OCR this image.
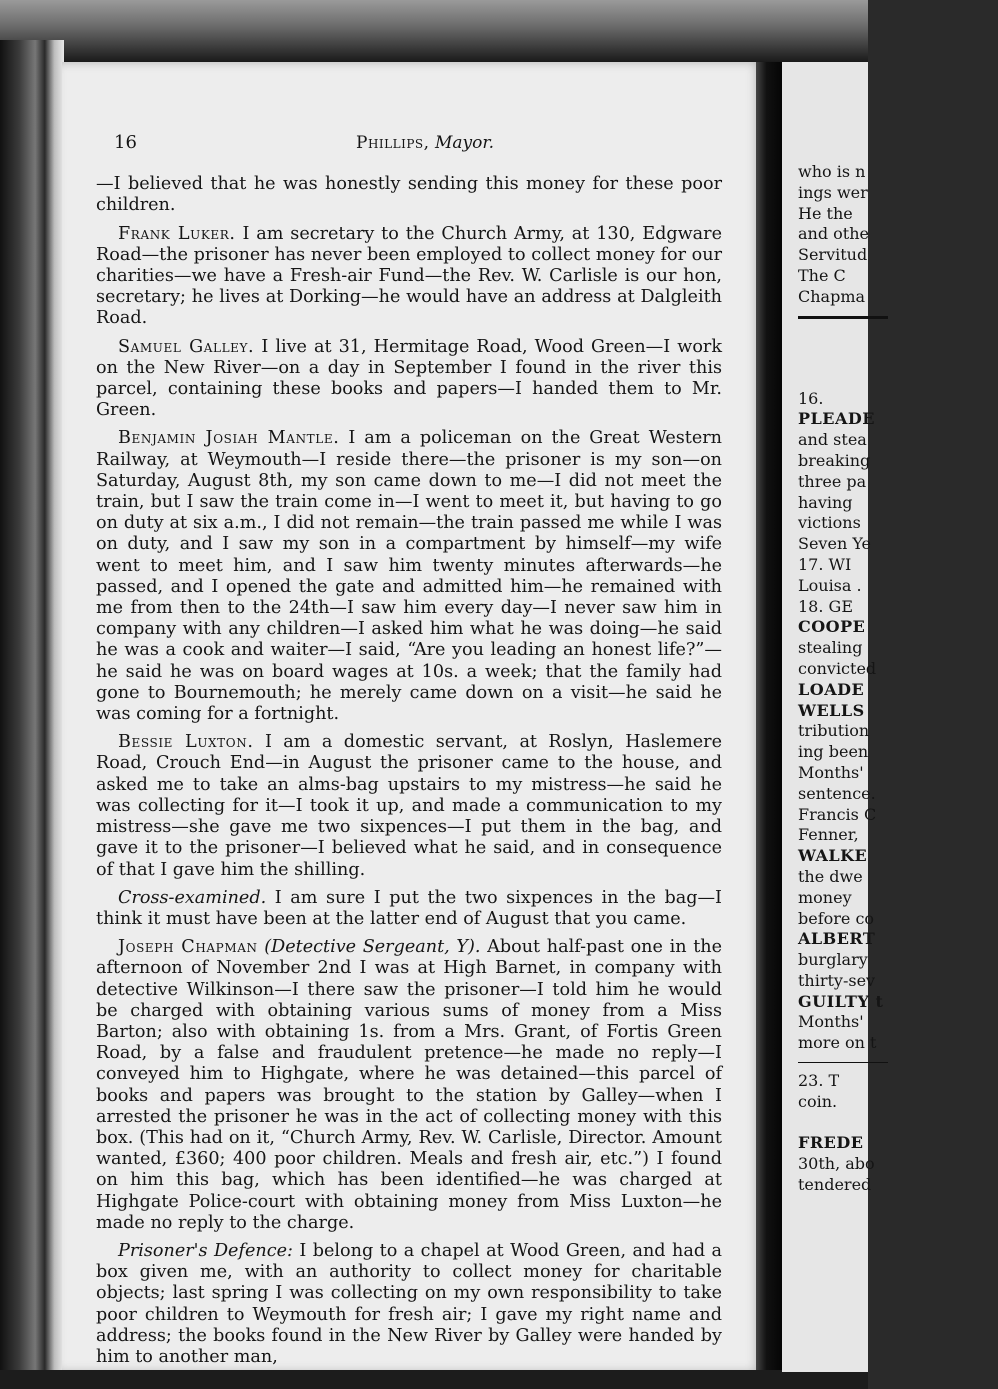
16	Phillips, Mayor.

—I believed that he was honestly sending this money for these poor children.

Frank Luker. I am secretary to the Church Army, at 130, Edgware Road—the prisoner has never been employed to collect money for our charities—we have a Fresh-air Fund—the Rev. W. Carlisle is our hon, secretary; he lives at Dorking—he would have an address at Dalgleith Road.

Samuel Galley. I live at 31, Hermitage Road, Wood Green—I work on the New River—on a day in September I found in the river this parcel, containing these books and papers—I handed them to Mr. Green.

Benjamin Josiah Mantle. I am a policeman on the Great Western Railway, at Weymouth—I reside there—the prisoner is my son—on Saturday, August 8th, my son came down to me—I did not meet the train, but I saw the train come in—I went to meet it, but having to go on duty at six a.m., I did not remain—the train passed me while I was on duty, and I saw my son in a compartment by himself—my wife went to meet him, and I saw him twenty minutes afterwards—he passed, and I opened the gate and admitted him—he remained with me from then to the 24th—I saw him every day—I never saw him in company with any children—I asked him what he was doing—he said he was a cook and waiter—I said, “Are you leading an honest life?”—he said he was on board wages at 10s. a week; that the family had gone to Bournemouth; he merely came down on a visit—he said he was coming for a fortnight.

Bessie Luxton. I am a domestic servant, at Roslyn, Haslemere Road, Crouch End—in August the prisoner came to the house, and asked me to take an alms-bag upstairs to my mistress—he said he was collecting for it—I took it up, and made a communication to my mistress—she gave me two sixpences—I put them in the bag, and gave it to the prisoner—I believed what he said, and in consequence of that I gave him the shilling.

Cross-examined. I am sure I put the two sixpences in the bag—I think it must have been at the latter end of August that you came.

Joseph Chapman (Detective Sergeant, Y). About half-past one in the afternoon of November 2nd I was at High Barnet, in company with detective Wilkinson—I there saw the prisoner—I told him he would be charged with obtaining various sums of money from a Miss Barton; also with obtaining 1s. from a Mrs. Grant, of Fortis Green Road, by a false and fraudulent pretence—he made no reply—I conveyed him to Highgate, where he was detained—this parcel of books and papers was brought to the station by Galley—when I arrested the prisoner he was in the act of collecting money with this box. (This had on it, “Church Army, Rev. W. Carlisle, Director. Amount wanted, £360; 400 poor children. Meals and fresh air, etc.”) I found on him this bag, which has been identified—he was charged at Highgate Police-court with obtaining money from Miss Luxton—he made no reply to the charge.

Prisoner's Defence: I belong to a chapel at Wood Green, and had a box given me, with an authority to collect money for charitable objects; last spring I was collecting on my own responsibility to take poor children to Weymouth for fresh air; I gave my right name and address; the books found in the New River by Galley were handed by him to another man,

who is n
ings wer
He the
and othe
Servitud
The C
Chapma
16.
PLEADE
and stea
breaking
three pa
having
victions
Seven Ye
17. WI
Louisa .
18. GE
COOPE
stealing
convicted
LOADE
WELLS
tribution
ing been
Months'
sentence.
Francis C
Fenner,
WALKE
the dwe
money
before co
ALBERT
burglary
thirty-sev
GUILTY t
Months'
more on t
23. T
coin.
FREDE
30th, abo
tendered
